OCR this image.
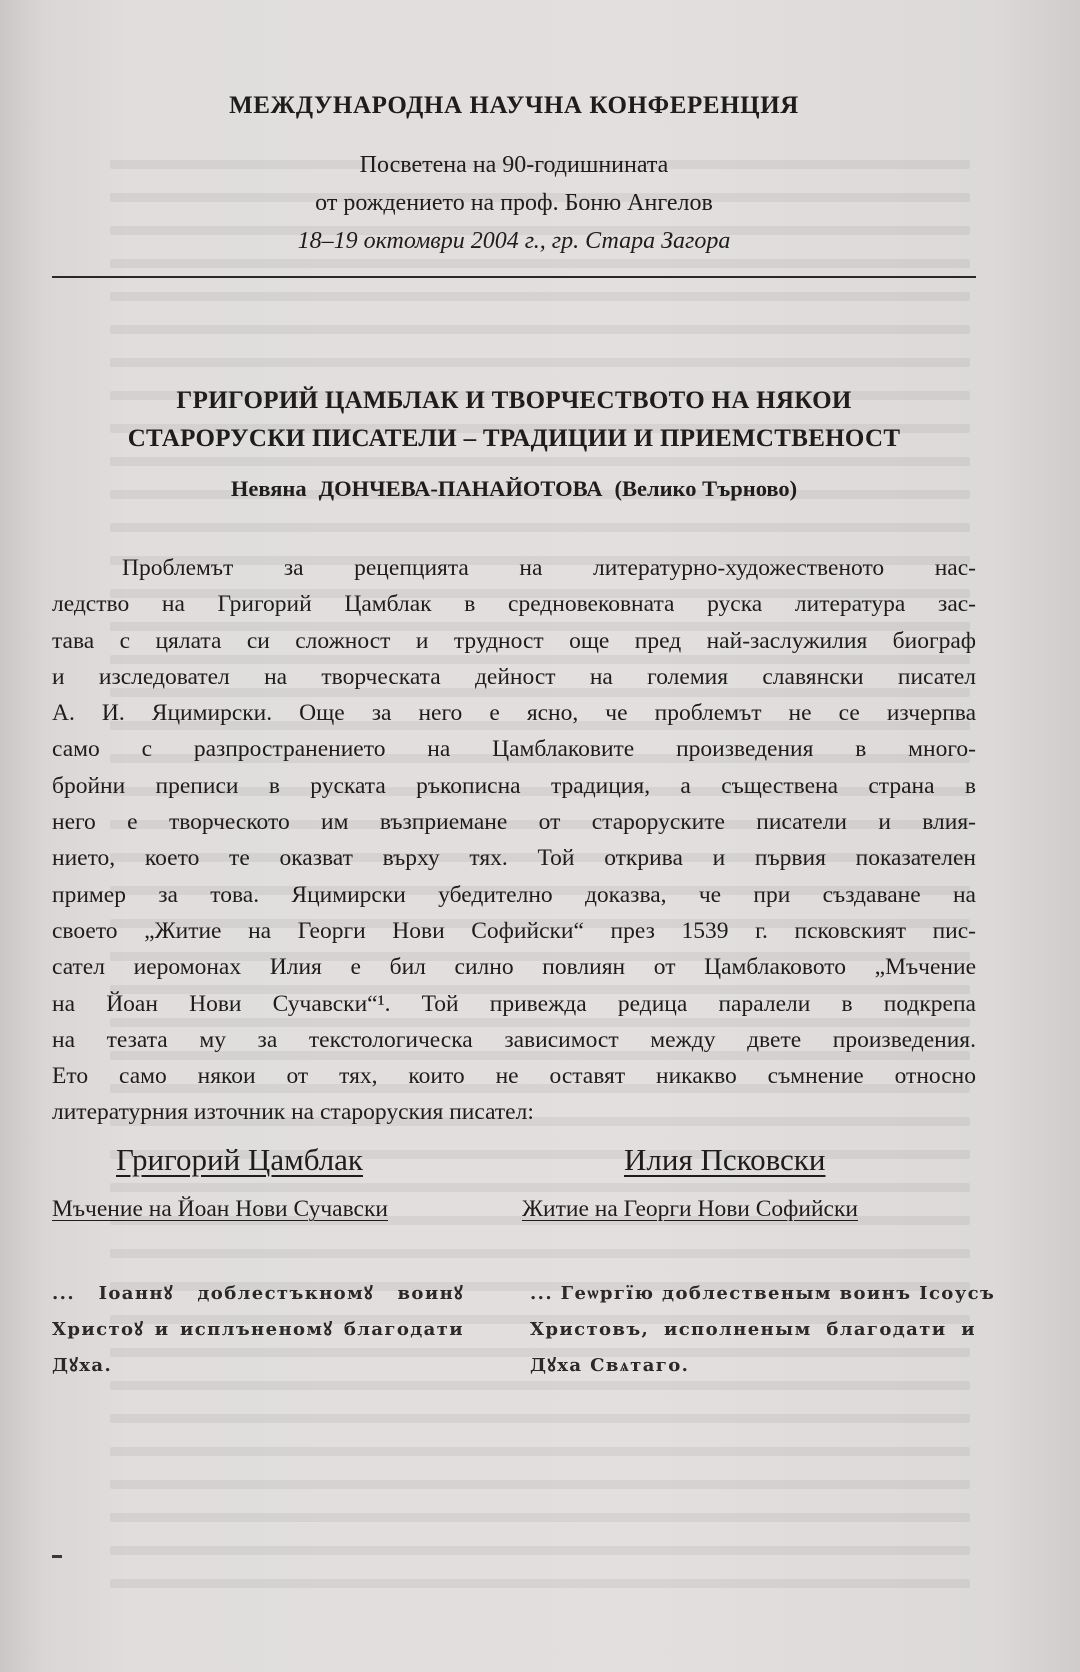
МЕЖДУНАРОДНА НАУЧНА КОНФЕРЕНЦИЯ
Посветена на 90-годишнината
от рождението на проф. Боню Ангелов
18–19 октомври 2004 г., гр. Стара Загора
ГРИГОРИЙ ЦАМБЛАК И ТВОРЧЕСТВОТО НА НЯКОИ
СТАРОРУСКИ ПИСАТЕЛИ – ТРАДИЦИИ И ПРИЕМСТВЕНОСТ
Невяна ДОНЧЕВА-ПАНАЙОТОВА (Велико Търново)
Проблемът за рецепцията на литературно-художественото нас-
ледство на Григорий Цамблак в средновековната руска литература зас-
тава с цялата си сложност и трудност още пред най-заслужилия биограф
и изследовател на творческата дейност на големия славянски писател
А. И. Яцимирски. Още за него е ясно, че проблемът не се изчерпва
само с разпространението на Цамблаковите произведения в много-
бройни преписи в руската ръкописна традиция, а съществена страна в
него е творческото им възприемане от староруските писатели и влия-
нието, което те оказват върху тях. Той открива и първия показателен
пример за това. Яцимирски убедително доказва, че при създаване на
своето „Житие на Георги Нови Софийски“ през 1539 г. псковският пис-
сател иеромонах Илия е бил силно повлиян от Цамблаковото „Мъчение
на Йоан Нови Сучавски“¹. Той привежда редица паралели в подкрепа
на тезата му за текстологическа зависимост между двете произведения.
Ето само някои от тях, които не оставят никакво съмнение относно
литературния източник на староруския писател:
Григорий Цамблак	Илия Псковски
Мъчение на Йоан Нови Сучавски	Житие на Георги Нови Софийски
... Ιоаннꙋ доблестъкномꙋ воинꙋ
Христоꙋ и исплъненомꙋ благодати
Дꙋха.
... Геѡргїю доблественым воинъ Ιсоусъ
Христовъ, исполненым благодати и
Дꙋха Свѧтаго.
